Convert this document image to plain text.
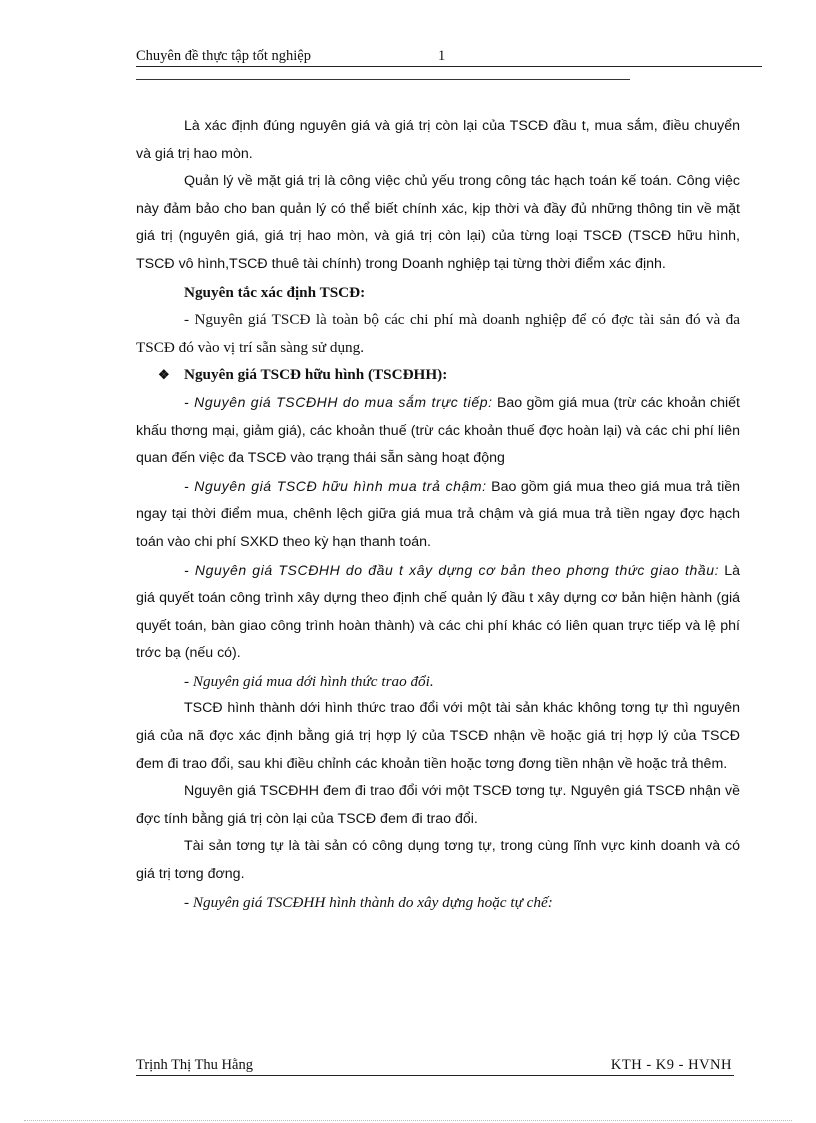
Chuyên đề thực tập tốt nghiệp	1

Là xác định đúng nguyên giá và giá trị còn lại của TSCĐ đầu t, mua sắm, điều chuyển và giá trị hao mòn.

Quản lý về mặt giá trị là công việc chủ yếu trong công tác hạch toán kế toán. Công việc này đảm bảo cho ban quản lý có thể biết chính xác, kịp thời và đầy đủ những thông tin về mặt giá trị (nguyên giá, giá trị hao mòn, và giá trị còn lại) của từng loại TSCĐ (TSCĐ hữu hình, TSCĐ vô hình,TSCĐ thuê tài chính) trong Doanh nghiệp tại từng thời điểm xác định.

Nguyên tắc xác định TSCĐ:

- Nguyên giá TSCĐ là toàn bộ các chi phí mà doanh nghiệp để có đợc tài sản đó và đa TSCĐ đó vào vị trí sẵn sàng sử dụng.

❖ Nguyên giá TSCĐ hữu hình (TSCĐHH):

- Nguyên giá TSCĐHH do mua sắm trực tiếp: Bao gồm giá mua (trừ các khoản chiết khấu thơng mại, giảm giá), các khoản thuế (trừ các khoản thuế đợc hoàn lại) và các chi phí liên quan đến việc đa TSCĐ vào trạng thái sẵn sàng hoạt động

- Nguyên giá TSCĐ hữu hình mua trả chậm: Bao gồm giá mua theo giá mua trả tiền ngay tại thời điểm mua, chênh lệch giữa giá mua trả chậm và giá mua trả tiền ngay đợc hạch toán vào chi phí SXKD theo kỳ hạn thanh toán.

- Nguyên giá TSCĐHH do đầu t xây dựng cơ bản theo phơng thức giao thầu: Là giá quyết toán công trình xây dựng theo định chế quản lý đầu t xây dựng cơ bản hiện hành (giá quyết toán, bàn giao công trình hoàn thành) và các chi phí khác có liên quan trực tiếp và lệ phí trớc bạ (nếu có).

- Nguyên giá mua dới hình thức trao đổi.

TSCĐ hình thành dới hình thức trao đổi với một tài sản khác không tơng tự thì nguyên giá của nã đợc xác định bằng giá trị hợp lý của TSCĐ nhận về hoặc giá trị hợp lý của TSCĐ đem đi trao đổi, sau khi điều chỉnh các khoản tiền hoặc tơng đơng tiền nhận về hoặc trả thêm.

Nguyên giá TSCĐHH đem đi trao đổi với một TSCĐ tơng tự. Nguyên giá TSCĐ nhận về đợc tính bằng giá trị còn lại của TSCĐ đem đi trao đổi.

Tài sản tơng tự là tài sản có công dụng tơng tự, trong cùng lĩnh vực kinh doanh và có giá trị tơng đơng.

- Nguyên giá TSCĐHH hình thành do xây dựng hoặc tự chế:

Trịnh Thị Thu Hằng	KTH - K9 - HVNH
